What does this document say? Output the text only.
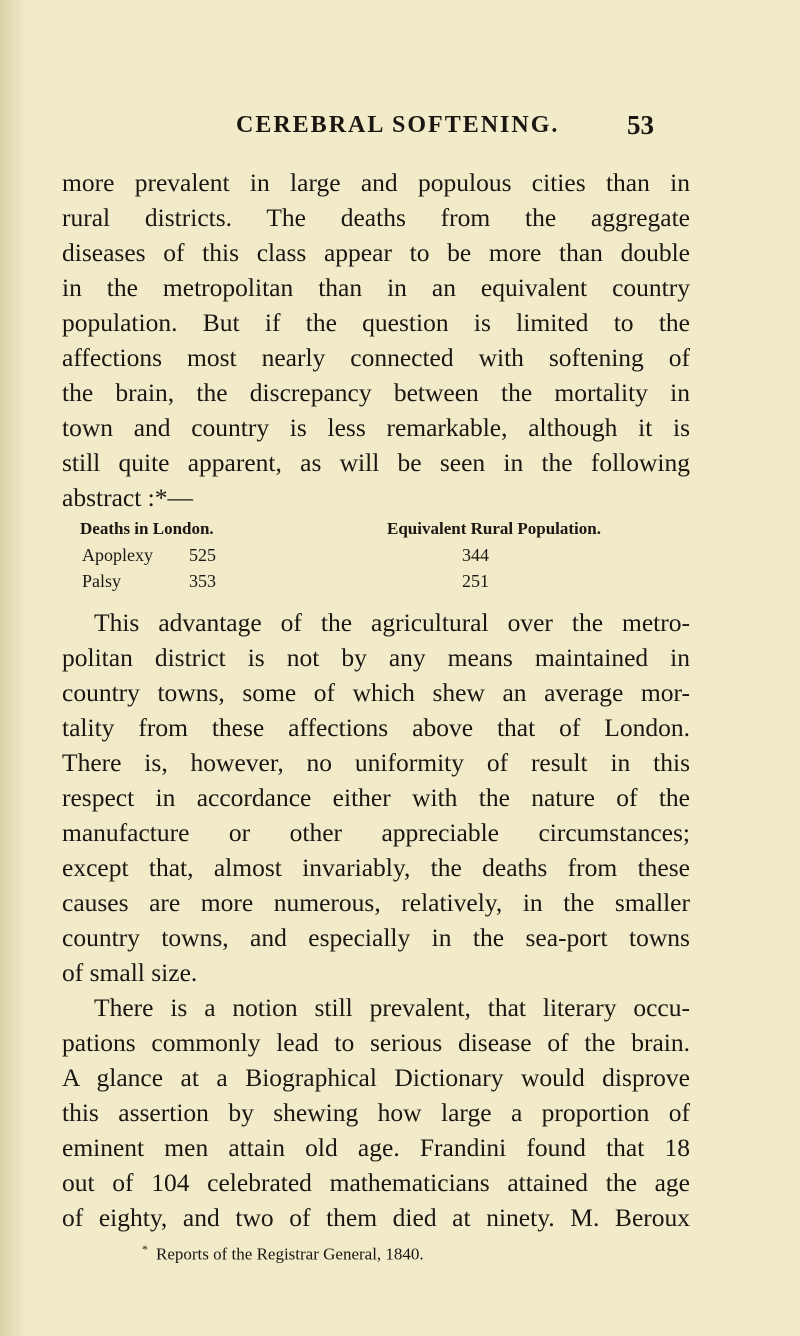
CEREBRAL SOFTENING.	53
more prevalent in large and populous cities than in
rural districts. The deaths from the aggregate
diseases of this class appear to be more than double
in the metropolitan than in an equivalent country
population. But if the question is limited to the
affections most nearly connected with softening of
the brain, the discrepancy between the mortality in
town and country is less remarkable, although it is
still quite apparent, as will be seen in the following
abstract :*—
Deaths in London.	Equivalent Rural Population.
Apoplexy 525	344
Palsy	353	251
This advantage of the agricultural over the metro-
politan district is not by any means maintained in
country towns, some of which shew an average mor-
tality from these affections above that of London.
There is, however, no uniformity of result in this
respect in accordance either with the nature of the
manufacture or other appreciable circumstances;
except that, almost invariably, the deaths from these
causes are more numerous, relatively, in the smaller
country towns, and especially in the sea-port towns
of small size.
There is a notion still prevalent, that literary occu-
pations commonly lead to serious disease of the brain.
A glance at a Biographical Dictionary would disprove
this assertion by shewing how large a proportion of
eminent men attain old age. Frandini found that 18
out of 104 celebrated mathematicians attained the age
of eighty, and two of them died at ninety. M. Beroux
* Reports of the Registrar General, 1840.
